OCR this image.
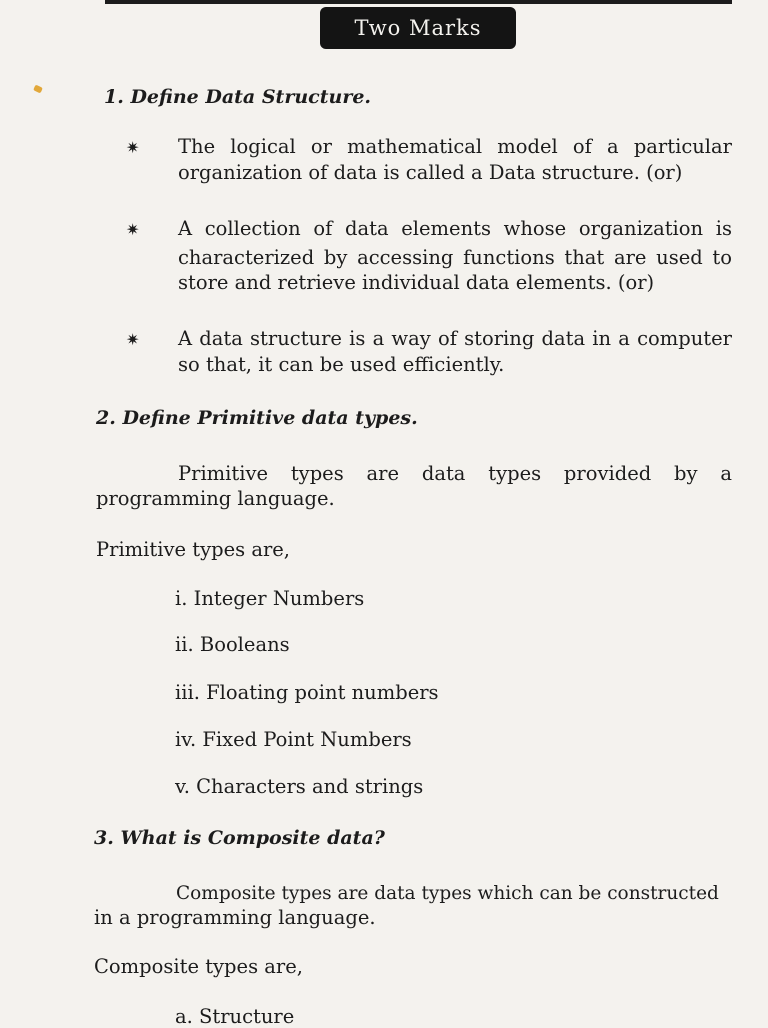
Two Marks
1. Define Data Structure.
✷ The logical or mathematical model of a particular

organization of data is called a Data structure. (or)

✷ A collection of data elements whose organization is

characterized by accessing functions that are used to

store and retrieve individual data elements. (or)

✷ A data structure is a way of storing data in a computer

so that, it can be used efficiently.

2. Define Primitive data types.

Primitive types are data types provided by a

programming language.

Primitive types are,

i. Integer Numbers

ii. Booleans

iii. Floating point numbers

iv. Fixed Point Numbers

v. Characters and strings

3. What is Composite data?

Composite types are data types which can be constructed

in a programming language.

Composite types are,

a. Structure
